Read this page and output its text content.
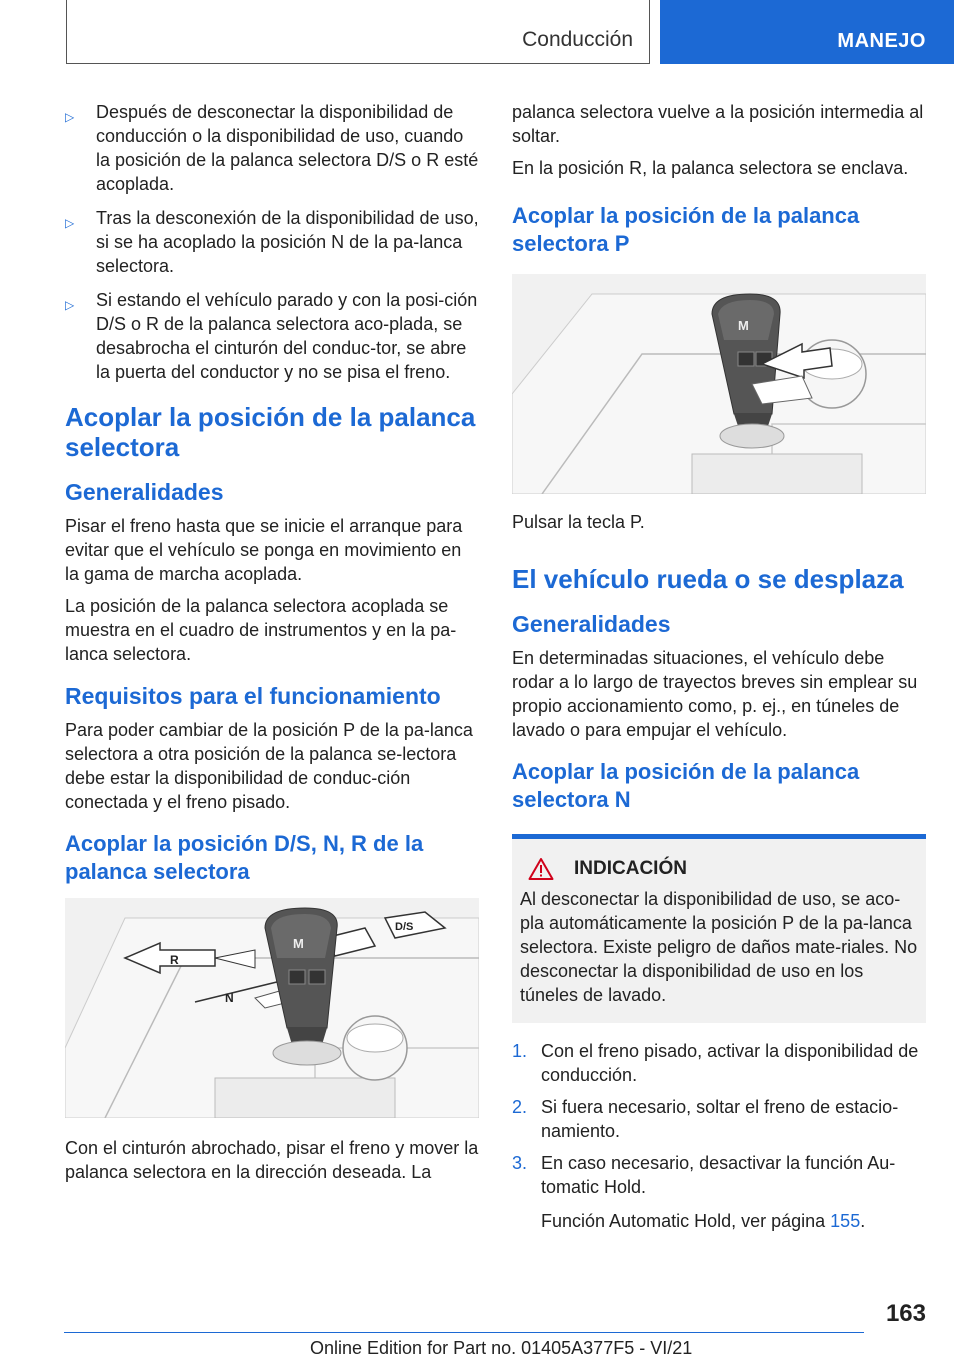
Conducción	MANEJO
▷ Después de desconectar la disponibilidad de conducción o la disponibilidad de uso, cuando la posición de la palanca selectora D/S o R esté acoplada.
▷ Tras la desconexión de la disponibilidad de uso, si se ha acoplado la posición N de la pa‐lanca selectora.
▷ Si estando el vehículo parado y con la posi‐ción D/S o R de la palanca selectora aco‐plada, se desabrocha el cinturón del conduc‐tor, se abre la puerta del conductor y no se pisa el freno.
Acoplar la posición de la palanca selectora
Generalidades

Pisar el freno hasta que se inicie el arranque para evitar que el vehículo se ponga en movimiento en la gama de marcha acoplada.

La posición de la palanca selectora acoplada se muestra en el cuadro de instrumentos y en la pa‐lanca selectora.

Requisitos para el funcionamiento

Para poder cambiar de la posición P de la pa‐lanca selectora a otra posición de la palanca se‐lectora debe estar la disponibilidad de conduc‐ción conectada y el freno pisado.

Acoplar la posición D/S, N, R de la palanca selectora
R
N
D/S
M

Con el cinturón abrochado, pisar el freno y mover la palanca selectora en la dirección deseada. La

palanca selectora vuelve a la posición intermedia al soltar.

En la posición R, la palanca selectora se enclava.

Acoplar la posición de la palanca selectora P
M

Pulsar la tecla P.

El vehículo rueda o se desplaza
Generalidades

En determinadas situaciones, el vehículo debe rodar a lo largo de trayectos breves sin emplear su propio accionamiento como, p. ej., en túneles de lavado o para empujar el vehículo.

Acoplar la posición de la palanca selectora N
INDICACIÓN

Al desconectar la disponibilidad de uso, se aco‐pla automáticamente la posición P de la pa‐lanca selectora. Existe peligro de daños mate‐riales. No desconectar la disponibilidad de uso en los túneles de lavado.

1. Con el freno pisado, activar la disponibilidad de conducción.
2. Si fuera necesario, soltar el freno de estacio‐namiento.
3. En caso necesario, desactivar la función Au‐tomatic Hold.
Función Automatic Hold, ver página 155.
163
Online Edition for Part no. 01405A377F5 - VI/21
